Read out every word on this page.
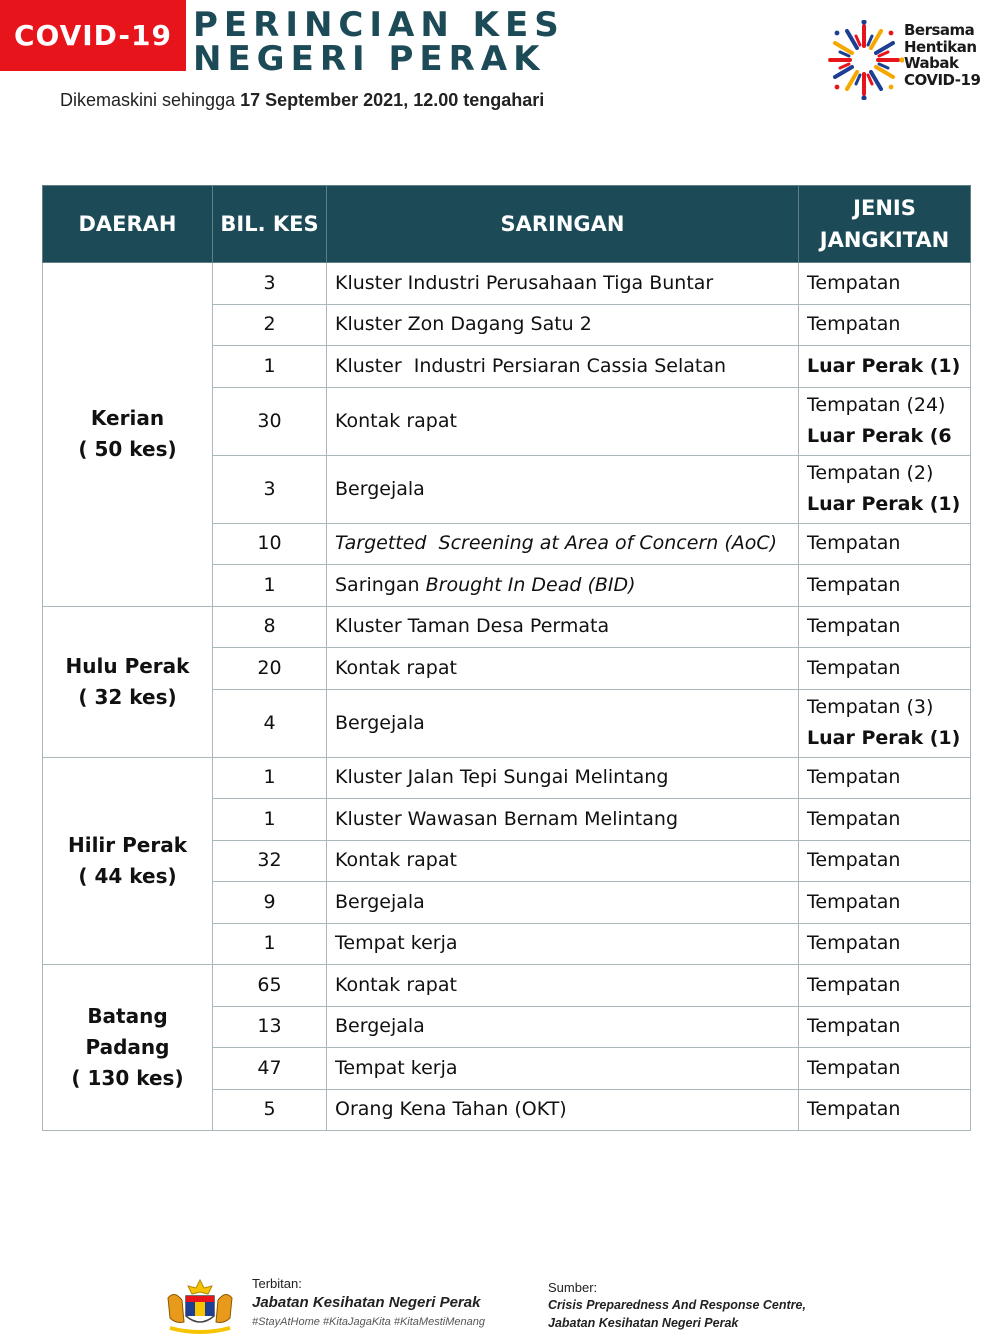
COVID-19 PERINCIAN KES
NEGERI PERAK
Dikemaskini sehingga 17 September 2021, 12.00 tengahari
Bersama
Hentikan
Wabak
COVID-19
DAERAH	BIL. KES	SARINGAN	JENIS
JANGKITAN

Kerian
( 50 kes)	3	Kluster Industri Perusahaan Tiga Buntar	Tempatan
	2	Kluster Zon Dagang Satu 2	Tempatan
	1	Kluster  Industri Persiaran Cassia Selatan	Luar Perak (1)
	30	Kontak rapat	Tempatan (24)
Luar Perak (6

	3	Bergejala	Tempatan (2)
Luar Perak (1)

	10	Targetted  Screening at Area of Concern (AoC)	Tempatan
	1	Saringan Brought In Dead (BID)	Tempatan

Hulu Perak
( 32 kes)	8	Kluster Taman Desa Permata	Tempatan
	20	Kontak rapat	Tempatan
	4	Bergejala	Tempatan (3)
Luar Perak (1)

Hilir Perak
( 44 kes)	1	Kluster Jalan Tepi Sungai Melintang	Tempatan
	1	Kluster Wawasan Bernam Melintang	Tempatan
	32	Kontak rapat	Tempatan
	9	Bergejala	Tempatan
	1	Tempat kerja	Tempatan

Batang Padang
( 130 kes)	65	Kontak rapat	Tempatan
	13	Bergejala	Tempatan
	47	Tempat kerja	Tempatan
	5	Orang Kena Tahan (OKT)	Tempatan
Terbitan:
Jabatan Kesihatan Negeri Perak
#StayAtHome #KitaJagaKita #KitaMestiMenang
Sumber:
Crisis Preparedness And Response Centre,
Jabatan Kesihatan Negeri Perak
